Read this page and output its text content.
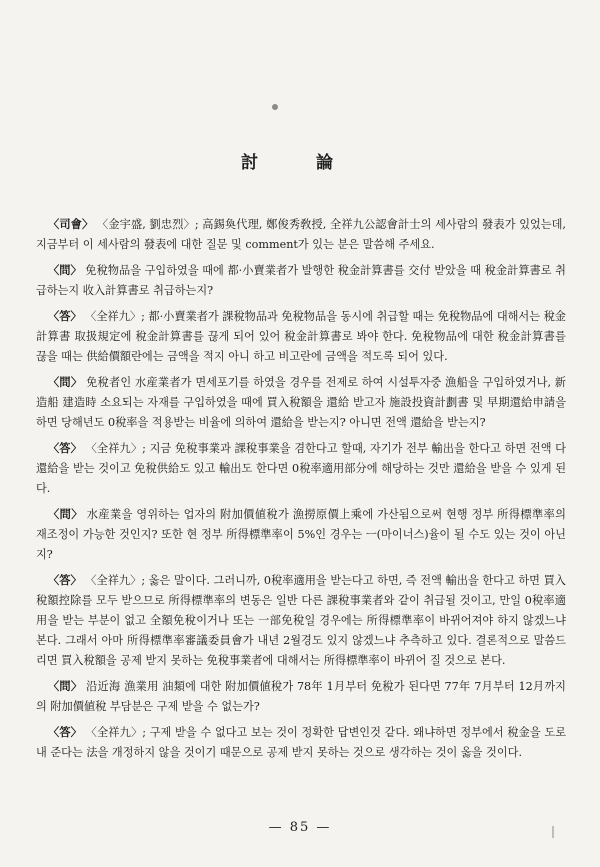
討 論

〈司會〉 〈金宇盛, 劉忠烈〉; 高錫奐代理, 鄭俊秀敎授, 全祥九公認會計士의 세사람의 發表가 있었는데, 지금부터 이 세사람의 發表에 대한 질문 및 comment가 있는 분은 말씀해 주세요.

〈問〉 免稅物品을 구입하였을 때에 都·小賣業者가 발행한 稅金計算書를 交付 받았을 때 稅金計算書로 취급하는지 收入計算書로 취급하는지?

〈答〉 〈全祥九〉; 都·小賣業者가 課稅物品과 免稅物品을 동시에 취급할 때는 免稅物品에 대해서는 稅金計算書 取扱規定에 稅金計算書를 끊게 되어 있어 稅金計算書로 봐야 한다. 免稅物品에 대한 稅金計算書를 끊을 때는 供給價額란에는 금액을 적지 아니 하고 비고란에 금액을 적도록 되어 있다.

〈問〉 免稅者인 水産業者가 면세포기를 하였을 경우를 전제로 하여 시설투자중 漁船을 구입하였거나, 新造船 建造時 소요되는 자재를 구입하였을 때에 買入稅額을 還給 받고자 施設投資計劃書 및 早期還給申請을 하면 당해년도 0稅率을 적용받는 비율에 의하여 還給을 받는지? 아니면 전액 還給을 받는지?

〈答〉 〈全祥九〉; 지금 免稅事業과 課稅事業을 겸한다고 할때, 자기가 전부 輸出을 한다고 하면 전액 다 還給을 받는 것이고 免稅供給도 있고 輸出도 한다면 0稅率適用部分에 해당하는 것만 還給을 받을 수 있게 된다.

〈問〉 水産業을 영위하는 업자의 附加價値稅가 漁撈原價上乘에 가산됨으로써 현행 정부 所得標準率의 재조정이 가능한 것인지? 또한 현 정부 所得標準率이 5%인 경우는 ㅡ(마이너스)율이 될 수도 있는 것이 아닌지?

〈答〉 〈全祥九〉; 옳은 말이다. 그러니까, 0稅率適用을 받는다고 하면, 즉 전액 輸出을 한다고 하면 買入稅額控除를 모두 받으므로 所得標準率의 변동은 일반 다른 課稅事業者와 같이 취급될 것이고, 만일 0稅率適用을 받는 부분이 없고 全額免稅이거나 또는 一部免稅일 경우에는 所得標準率이 바뀌어져야 하지 않겠느냐 본다. 그래서 아마 所得標準率審議委員會가 내년 2월경도 있지 않겠느냐 추측하고 있다. 결론적으로 말씀드리면 買入稅額을 공제 받지 못하는 免稅事業者에 대해서는 所得標準率이 바뀌어 질 것으로 본다.

〈問〉 沿近海 漁業用 油類에 대한 附加價値稅가 78年 1月부터 免稅가 된다면 77年 7月부터 12月까지의 附加價値稅 부담분은 구제 받을 수 없는가?

〈答〉 〈全祥九〉; 구제 받을 수 없다고 보는 것이 정확한 답변인것 같다. 왜냐하면 정부에서 稅金을 도로 내 준다는 法을 개정하지 않을 것이기 때문으로 공제 받지 못하는 것으로 생각하는 것이 옳을 것이다.

— 85 —
